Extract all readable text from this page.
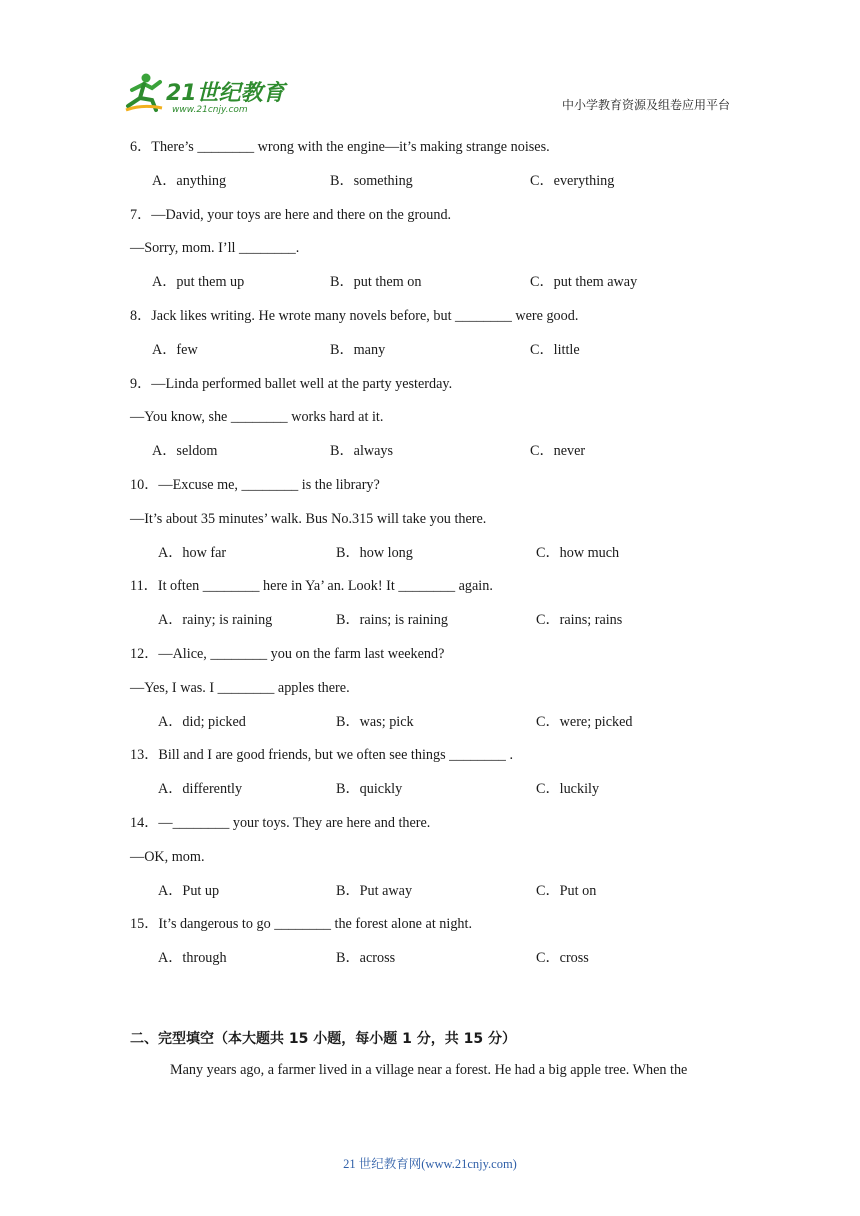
21世纪教育
www.21cnjy.com	中小学教育资源及组卷应用平台
6．There’s ________ wrong with the engine—it’s making strange noises.
A．anything	B．something	C．everything
7．—David, your toys are here and there on the ground.
—Sorry, mom. I’ll ________.
A．put them up	B．put them on	C．put them away
8．Jack likes writing. He wrote many novels before, but ________ were good.
A．few	B．many	C．little
9．—Linda performed ballet well at the party yesterday.
—You know, she ________ works hard at it.
A．seldom	B．always	C．never
10．—Excuse me, ________ is the library?
—It’s about 35 minutes’ walk. Bus No.315 will take you there.
A．how far	B．how long	C．how much
11．It often ________ here in Ya’ an. Look! It ________ again.
A．rainy; is raining	B．rains; is raining	C．rains; rains
12．—Alice, ________ you on the farm last weekend?
—Yes, I was. I ________ apples there.
A．did; picked	B．was; pick	C．were; picked
13．Bill and I are good friends, but we often see things ________ .
A．differently	B．quickly	C．luckily
14．—________ your toys. They are here and there.
—OK, mom.
A．Put up	B．Put away	C．Put on
15．It’s dangerous to go ________ the forest alone at night.
A．through	B．across	C．cross
二、完型填空（本大题共 15 小题，每小题 1 分，共 15 分）
Many years ago, a farmer lived in a village near a forest. He had a big apple tree. When the
21 世纪教育网(www.21cnjy.com)
